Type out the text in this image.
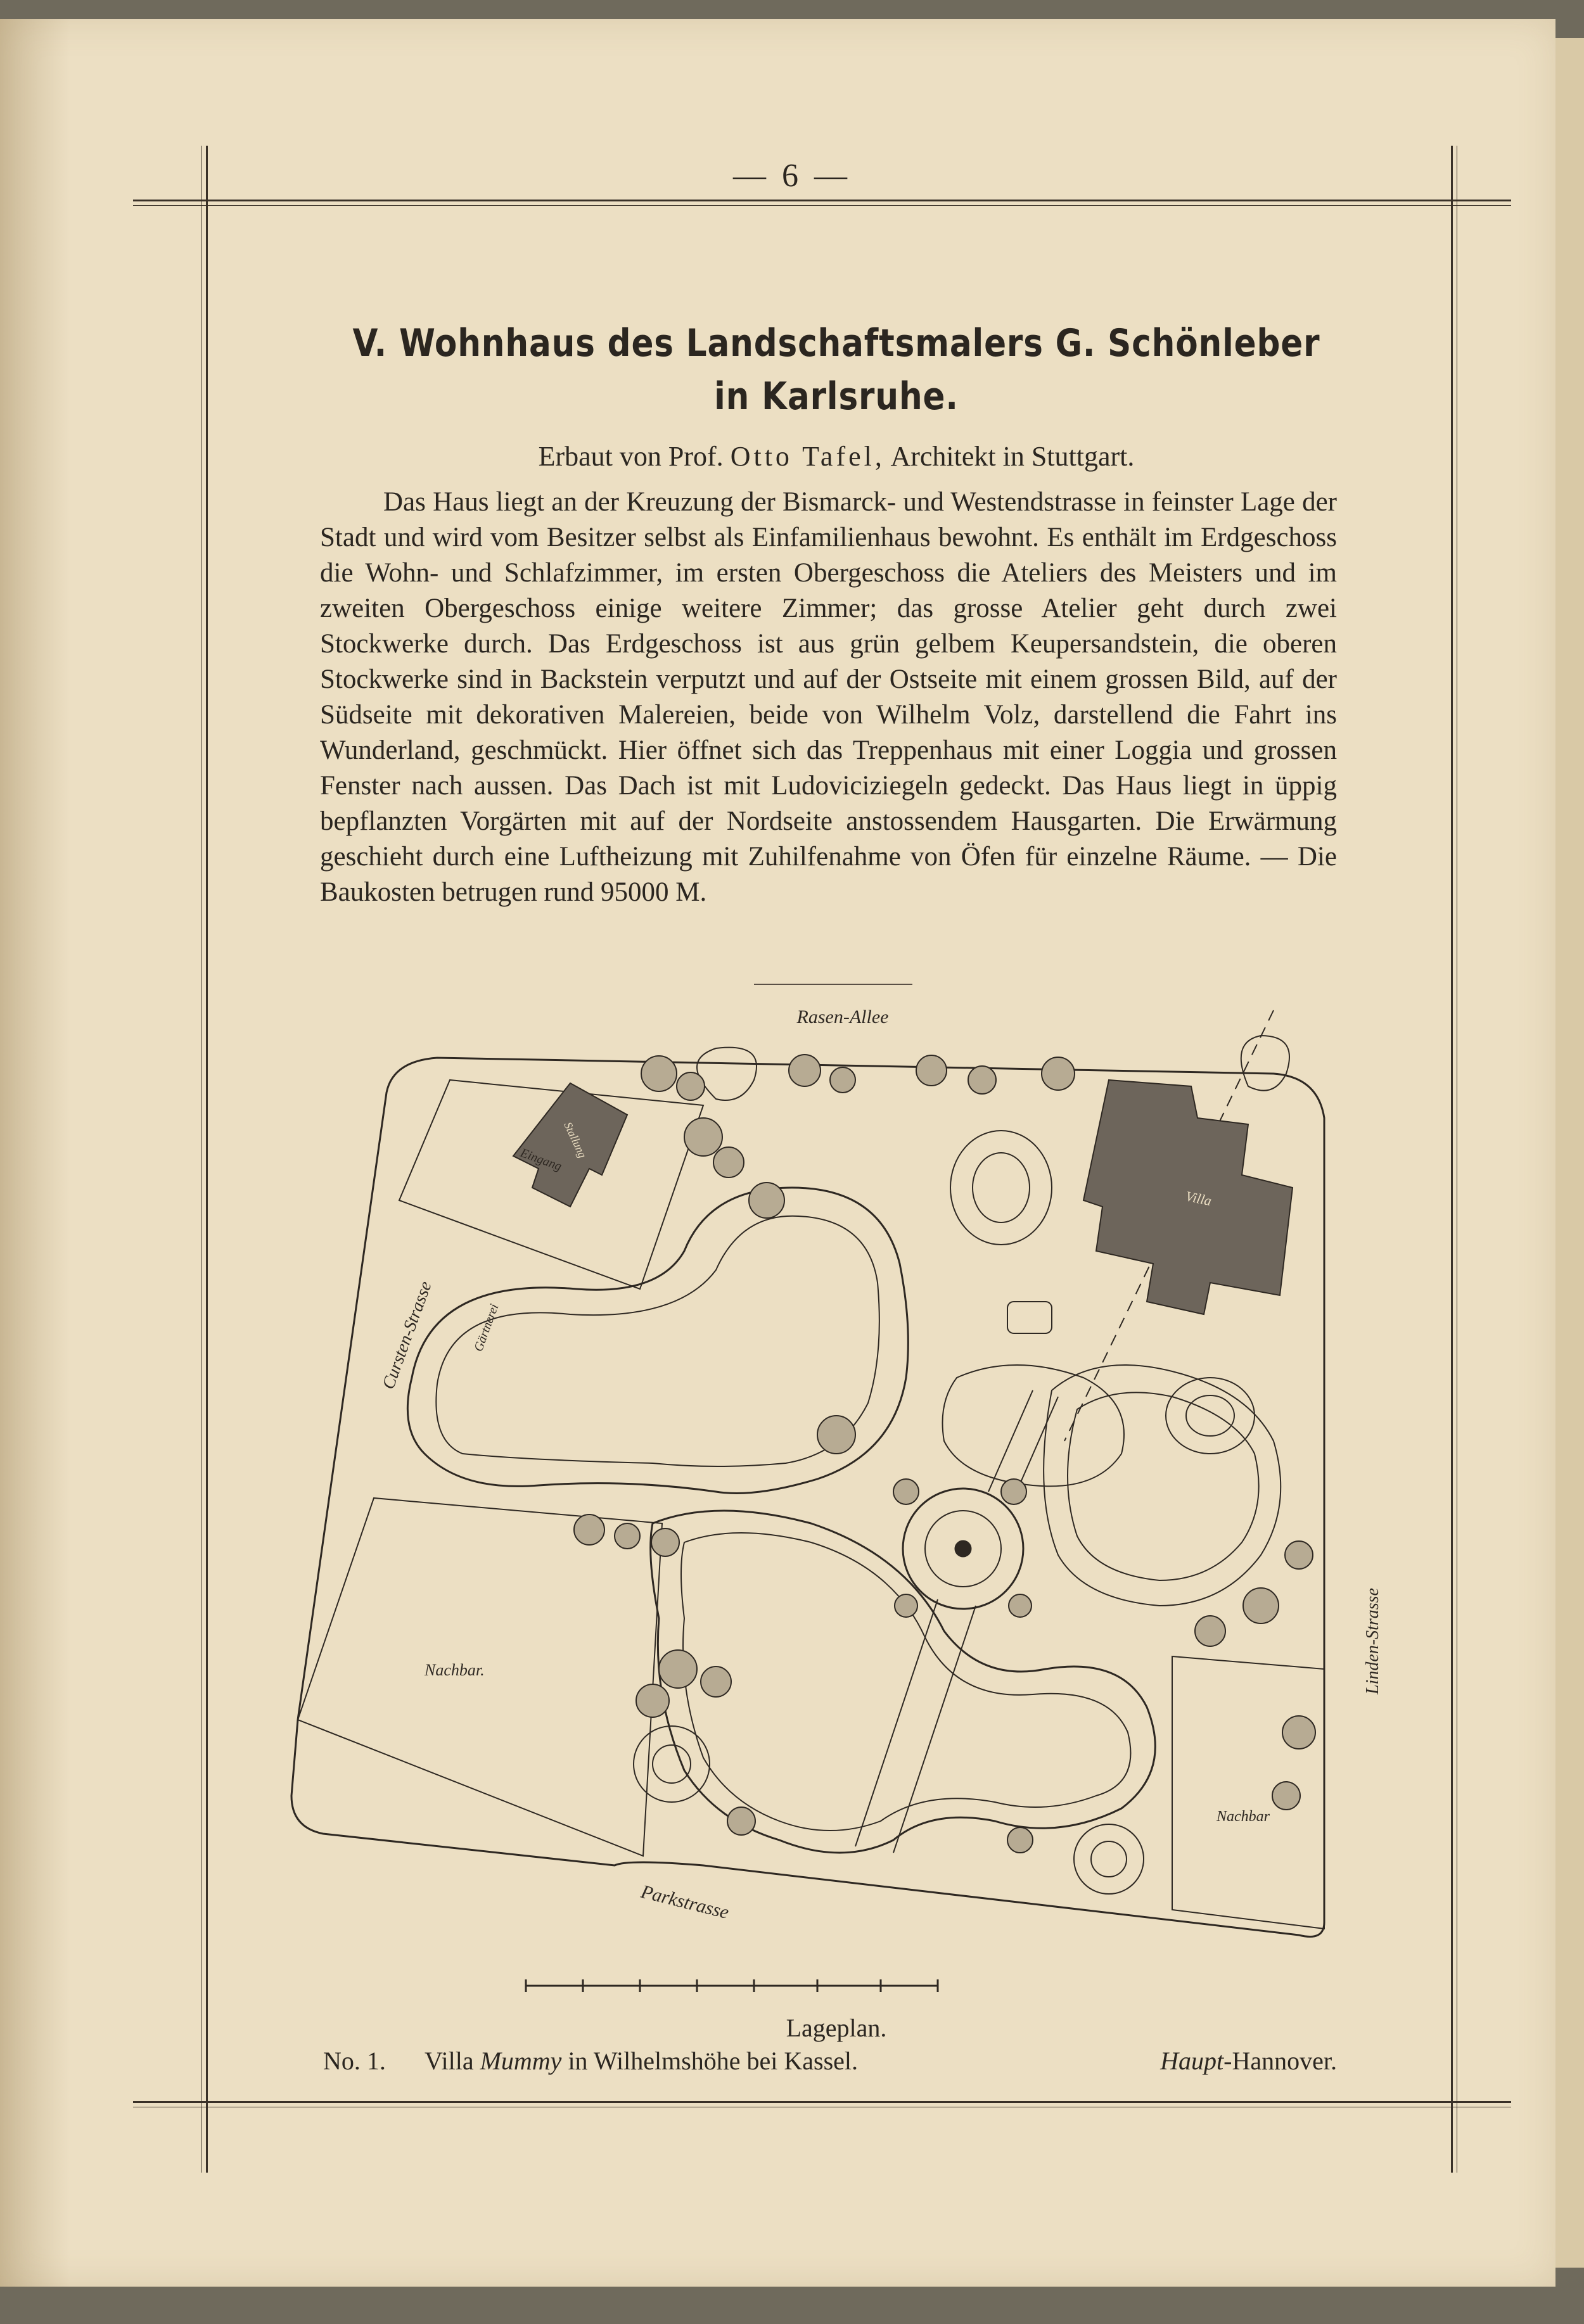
— 6 —
V. Wohnhaus des Landschaftsmalers G. Schönleber
in Karlsruhe.
Erbaut von Prof. Otto Tafel, Architekt in Stuttgart.

Das Haus liegt an der Kreuzung der Bismarck- und Westendstrasse in feinster Lage der Stadt und wird vom Besitzer selbst als Einfamilienhaus bewohnt. Es enthält im Erdgeschoss die Wohn- und Schlafzimmer, im ersten Obergeschoss die Ateliers des Meisters und im zweiten Obergeschoss einige weitere Zimmer; das grosse Atelier geht durch zwei Stockwerke durch. Das Erdgeschoss ist aus grün gelbem Keupersandstein, die oberen Stockwerke sind in Backstein verputzt und auf der Ostseite mit einem grossen Bild, auf der Südseite mit dekorativen Malereien, beide von Wilhelm Volz, darstellend die Fahrt ins Wunderland, geschmückt. Hier öffnet sich das Treppenhaus mit einer Loggia und grossen Fenster nach aussen. Das Dach ist mit Ludoviciziegeln gedeckt. Das Haus liegt in üppig bepflanzten Vorgärten mit auf der Nordseite anstossendem Hausgarten. Die Erwärmung geschieht durch eine Luftheizung mit Zuhilfenahme von Öfen für einzelne Räume. — Die Baukosten betrugen rund 95000 M.

Rasen-Allee
Cursten-Strasse
Linden-Strasse
Parkstrasse
Nachbar.
Nachbar
Villa
Stallung
Gärtnerei
Eingang
Lageplan.
No. 1. Villa Mummy in Wilhelmshöhe bei Kassel.	Haupt-Hannover.
